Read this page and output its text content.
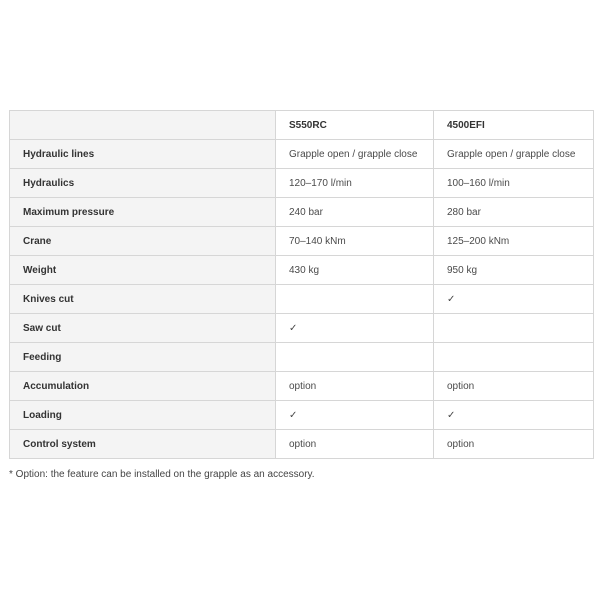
	S550RC	4500EFI
Hydraulic lines	Grapple open / grapple close	Grapple open / grapple close
Hydraulics	120–170 l/min	100–160 l/min
Maximum pressure	240 bar	280 bar
Crane	70–140 kNm	125–200 kNm
Weight	430 kg	950 kg
Knives cut		✓
Saw cut	✓	
Feeding		
Accumulation	option	option
Loading	✓	✓
Control system	option	option
* Option: the feature can be installed on the grapple as an accessory.
